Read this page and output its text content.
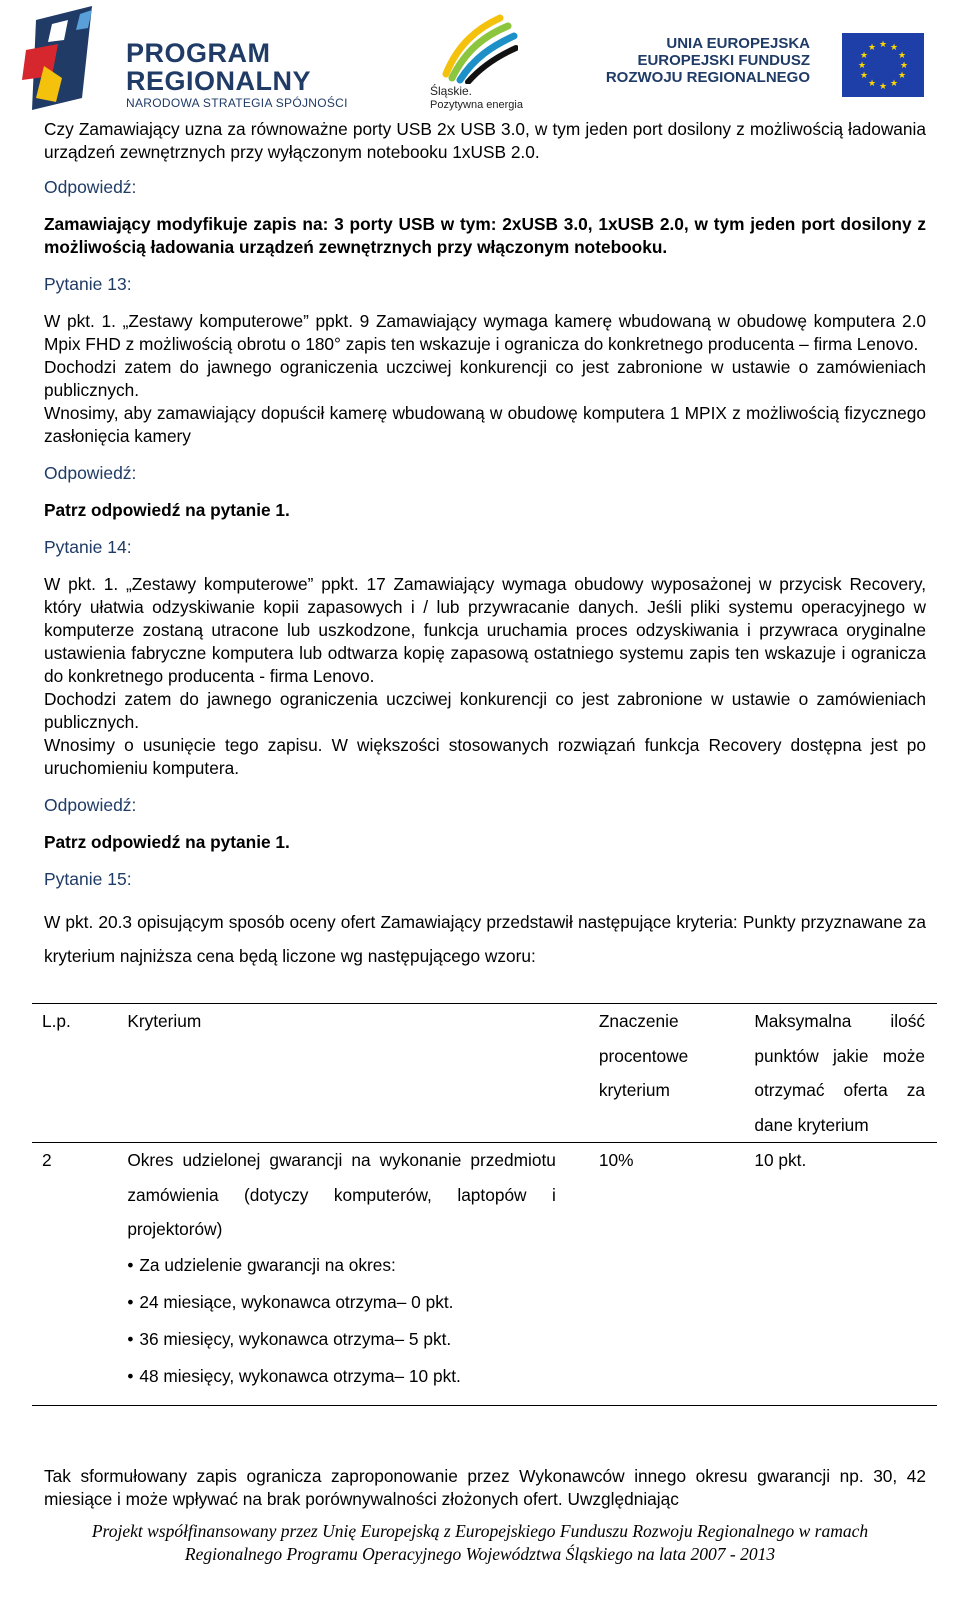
PROGRAM
REGIONALNY
NARODOWA STRATEGIA SPÓJNOŚCI
Śląskie.
Pozytywna energia
UNIA EUROPEJSKA
EUROPEJSKI FUNDUSZ
ROZWOJU REGIONALNEGO
★ ★
★
★
★
★
★
★
★
★
★
★

Czy Zamawiający uzna za równoważne porty USB 2x USB 3.0, w tym jeden port dosilony z możliwością ładowania urządzeń zewnętrznych przy wyłączonym notebooku 1xUSB 2.0.

Odpowiedź:

Zamawiający modyfikuje zapis na: 3 porty USB w tym: 2xUSB 3.0, 1xUSB 2.0, w tym jeden port dosilony z możliwością ładowania urządzeń zewnętrznych przy włączonym notebooku.

Pytanie 13:

W pkt. 1. „Zestawy komputerowe” ppkt. 9 Zamawiający wymaga kamerę wbudowaną w obudowę komputera 2.0 Mpix FHD z możliwością obrotu o 180° zapis ten wskazuje i ogranicza do konkretnego producenta – firma Lenovo.

Dochodzi zatem do jawnego ograniczenia uczciwej konkurencji co jest zabronione w ustawie o zamówieniach publicznych.

Wnosimy, aby zamawiający dopuścił kamerę wbudowaną w obudowę komputera 1 MPIX z możliwością fizycznego zasłonięcia kamery

Odpowiedź:

Patrz odpowiedź na pytanie 1.

Pytanie 14:

W pkt. 1. „Zestawy komputerowe” ppkt. 17 Zamawiający wymaga obudowy wyposażonej w przycisk Recovery, który ułatwia odzyskiwanie kopii zapasowych i / lub przywracanie danych. Jeśli pliki systemu operacyjnego w komputerze zostaną utracone lub uszkodzone, funkcja uruchamia proces odzyskiwania i przywraca oryginalne ustawienia fabryczne komputera lub odtwarza kopię zapasową ostatniego systemu zapis ten wskazuje i ogranicza do konkretnego producenta - firma Lenovo.

Dochodzi zatem do jawnego ograniczenia uczciwej konkurencji co jest zabronione w ustawie o zamówieniach publicznych.

Wnosimy o usunięcie tego zapisu. W większości stosowanych rozwiązań funkcja Recovery dostępna jest po uruchomieniu komputera.

Odpowiedź:

Patrz odpowiedź na pytanie 1.

Pytanie 15:

W pkt. 20.3 opisującym sposób oceny ofert Zamawiający przedstawił następujące kryteria: Punkty przyznawane za kryterium najniższa cena będą liczone wg następującego wzoru:

L.p.	Kryterium	Znaczenie procentowe kryterium	Maksymalna ilość punktów jakie może otrzymać oferta za dane kryterium
2	Okres udzielonej gwarancji na wykonanie przedmiotu zamówienia (dotyczy komputerów, laptopów i projektorów)
• Za udzielenie gwarancji na okres:
• 24 miesiące, wykonawca otrzyma– 0 pkt.
• 36 miesięcy, wykonawca otrzyma– 5 pkt.
• 48 miesięcy, wykonawca otrzyma– 10 pkt.	10%	10 pkt.

Tak sformułowany zapis ogranicza zaproponowanie przez Wykonawców innego okresu gwarancji np. 30, 42 miesiące i może wpływać na brak porównywalności złożonych ofert. Uwzględniając

Projekt współfinansowany przez Unię Europejską z Europejskiego Funduszu Rozwoju Regionalnego w ramach
Regionalnego Programu Operacyjnego Województwa Śląskiego na lata 2007 - 2013
